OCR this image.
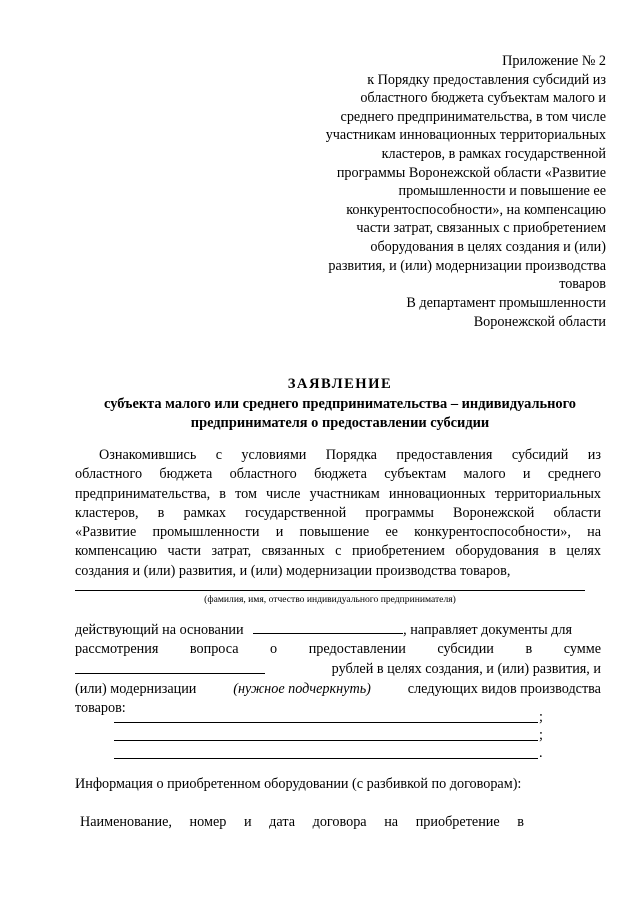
Приложение № 2
к Порядку предоставления субсидий из
областного бюджета субъектам малого и
среднего предпринимательства, в том числе
участникам инновационных территориальных
кластеров, в рамках государственной
программы Воронежской области «Развитие
промышленности и повышение ее
конкурентоспособности», на компенсацию
части затрат, связанных с приобретением
оборудования в целях создания и (или)
развития, и (или) модернизации производства
товаров
В департамент промышленности
Воронежской области
ЗАЯВЛЕНИЕ
субъекта малого или среднего предпринимательства – индивидуального
предпринимателя о предоставлении субсидии
Ознакомившись с условиями Порядка предоставления субсидий из
областного бюджета областного бюджета субъектам малого и среднего
предпринимательства, в том числе участникам инновационных территориальных
кластеров, в рамках государственной программы Воронежской области
«Развитие промышленности и повышение ее конкурентоспособности», на
компенсацию части затрат, связанных с приобретением оборудования в целях
создания и (или) развития, и (или) модернизации производства товаров,
(фамилия, имя, отчество индивидуального предпринимателя)
действующий на основании	, направляет документы для
рассмотрения вопроса о предоставлении субсидии в сумме
рублей в целях создания, и (или) развития, и
(или) модернизации	(нужное подчеркнуть)	следующих видов производства
товаров:
;
;
.
Информация о приобретенном оборудовании (с разбивкой по договорам):
Наименование, номер и дата договора на приобретение в
